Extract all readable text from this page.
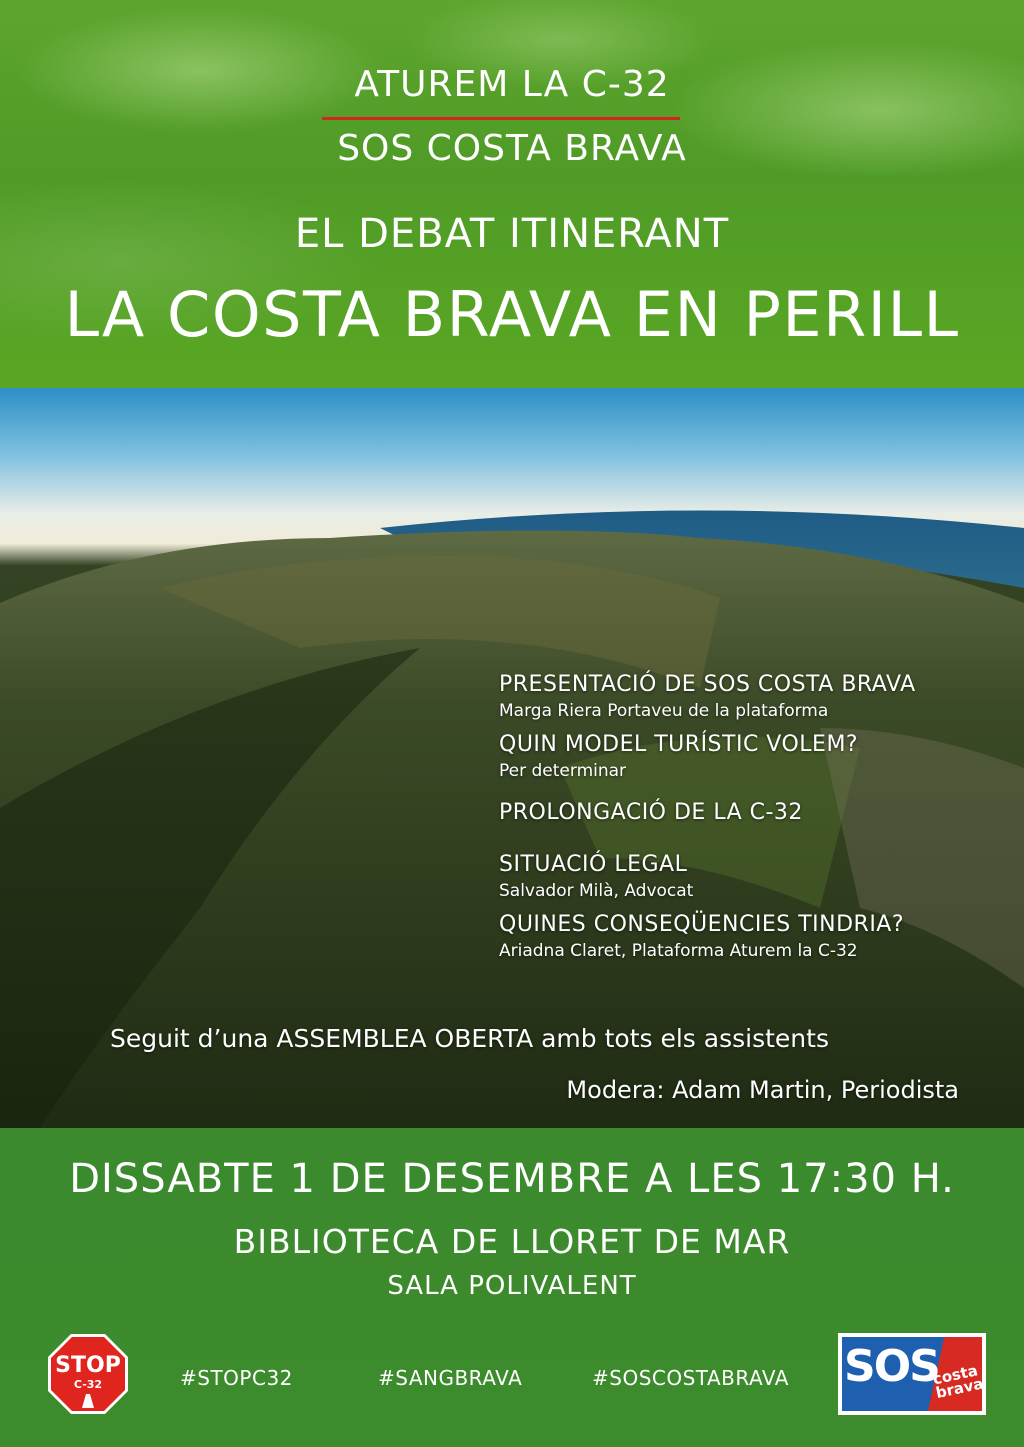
ATUREM LA C-32
SOS COSTA BRAVA
EL DEBAT ITINERANT
LA COSTA BRAVA EN PERILL
PRESENTACIÓ DE SOS COSTA BRAVA
Marga Riera Portaveu de la plataforma
QUIN MODEL TURÍSTIC VOLEM?
Per determinar
PROLONGACIÓ DE LA C-32
SITUACIÓ LEGAL
Salvador Milà, Advocat
QUINES CONSEQÜENCIES TINDRIA?
Ariadna Claret, Plataforma Aturem la C-32
Seguit d’una ASSEMBLEA OBERTA amb tots els assistents
Modera: Adam Martin, Periodista
DISSABTE 1 DE DESEMBRE A LES 17:30 H.
BIBLIOTECA DE LLORET DE MAR
SALA POLIVALENT
STOP
C-32	#STOPC32	#SANGBRAVA	#SOSCOSTABRAVA SOS
costa brava
